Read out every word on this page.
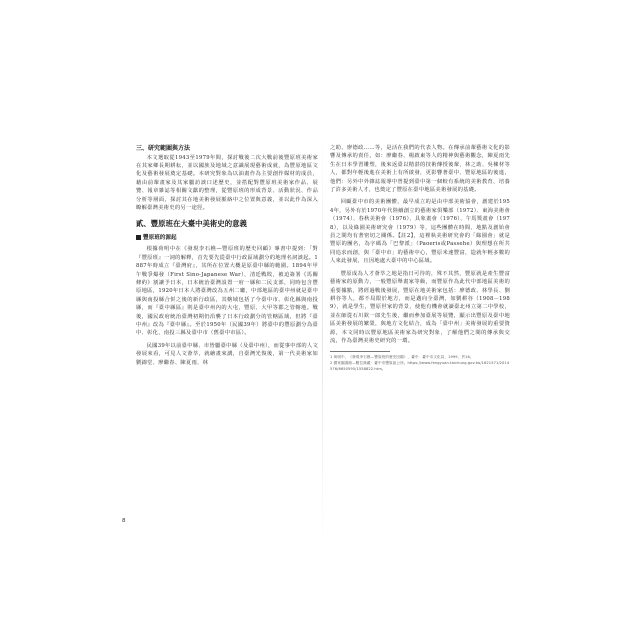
三、研究範圍與方法

本文選取從1943至1979年間，探討戰後二次大戰前後豐原班美術家在其家鄉長期耕耘，並以國族及地域之意識展現藝術成就，為豐原地區文化及藝術發展奠定基礎。本研究對象為以油畫作為主要創作媒材的成員，藉由前輩畫家及其家屬訪談口述歷史，並搭配對豐原班美術家作品、展覽、報章雜誌等相關文獻的整理，從豐原班的形成背景、活動狀況、作品分析等層面，探討其在地美術發展脈絡中之位置與意義，並以此作為深入瞭解臺灣美術史的另一途徑。

貳、豐原班在大臺中美術史的意義

豐原班的源起

根據荷明中在《發現李石樵—豐原班的歷史回顧》專書中提到：「對『豐原班』一詞的解釋，首先要先從臺中行政區域劃分的地理名詞談起。1887年時成立『臺灣府』，其所在位置大概是原臺中縣的範圍。1894年甲午戰爭爆發（First Sino-Japanese War），清廷戰敗，被迫簽署《馬關條約》割讓予日本，日本統治臺灣設置一府一縣和二民支部，同時包含豐原地區，1920年日本人將臺灣改為五州二廳，中部地區的臺中州就是臺中縣與南投縣合併之後的新行政區，其轄域包括了今臺中市、彰化縣與南投縣，而『臺中縣區』則是臺中州內的大屯、豐原、大甲等郡之管轄地。戰後，國民政府統治臺灣初期仍沿襲了日本行政劃分的管轄區域，但將『臺中州』改為『臺中縣』。至於1950年（民國39年）將臺中的豐原劃分為臺中、彰化、南投三縣及臺中市（舊臺中市區）。

民國39年以前臺中縣、市皆屬臺中縣（及臺中州），而從事中部的人文發展來看，可見人文薈萃，就繪畫來講，自臺灣光復後，第一代美術家如劉錦堂、廖繼春、陳夏雨、林

之助、廖德政……等，是活在我們的代表人物。在傳承前輩藝術文化的影響及傳承的責任，如：廖繼春、楊啟東等人的精神與藝術觀念，陳夏雨先生在日本學習雕塑，後來返臺以精湛的技術傳授後輩，林之助、吳棟材等人，都對年輕後進在美術上有所啟發，更影響著臺中、豐原地區的後進，他們：另外中外雜誌報導中曾提到臺中第一個較有系統的美術教育，培養了許多美術人才，也奠定了豐原在臺中地區美術發展的基礎。

回顧臺中市的美術團體，最早成立的是由中部美術協會，創建於1954年，另外有於1970年代陸續創立的藝術家俱樂部（1972）、東海美術會（1974）、春秋美術會（1976）、具象畫會（1976）、午馬獎畫會（1978），以及綠園美術研究會（1979）等，這些團體在時間、地點及創始會員之間均有著密切之關係。【註2】，這裡執美術研究會的「綠園會」就是豐原的團名，為字碼為「巴黎派」（Paoeris或Passehe）與理想在所共同追求而創，與「臺中市」的藝術中心，豐原米速豐富，造就年輕多數的人來此發展，且因地處大臺中的中心區域。

豐原成為人才薈萃之地是指日可待的，殊不其然，豐原就是產生豐富藝術家的原動力，一般豐原舉畫家等級，而豐原作為此代中部地區美術的重要據點，將經過戰後發展，豐原在地美術家包括：廖德政、林學長、劉耕谷等人，都不局限於地方，而是邁向全臺灣，如劉耕谷（1908－1989），就是學生，豐原世家的背景，使他有機會就讀臺北州立第二中學校，並在師從石川欽一郎先生後，繼而參加臺展等展覽，顯示出豐原及臺中地區美術發展的繁榮，與地方文化結合，成為「臺中州」美術發展的重要資源，本文同時以豐原地區美術家為研究對象，了解他們之間的傳承與交流，作為臺灣美術史研究的一環。

1 荷明中，《發現李石樵—豐原班的歷史回顧》，臺中：臺中市文化局，1999，頁16。

2 國家圖書館—數位典藏：臺中市豐原區公所。https://www.fengyuan.taichung.gov.tw/1621571/2014576/6650595/1558822.htm。

8
